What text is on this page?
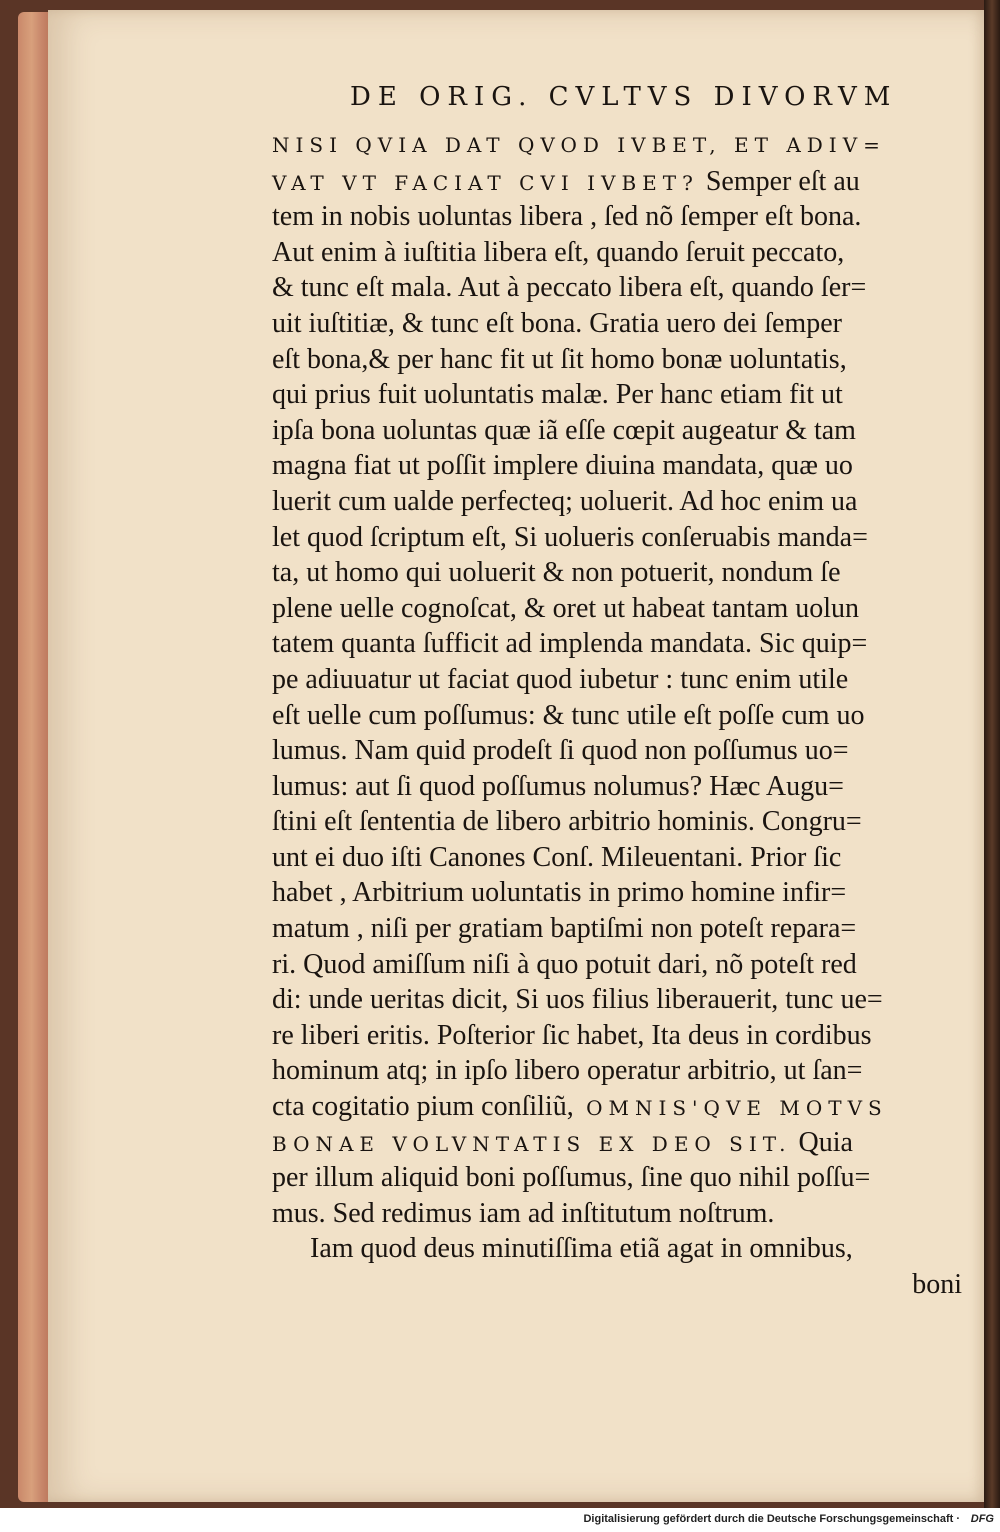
DE ORIG. CVLTVS DIVORVM
NISI QVIA DAT QVOD IVBET, ET ADIV=
VAT VT FACIAT CVI IVBET? Semper eſt au
tem in nobis uoluntas libera , ſed nõ ſemper eſt bona.
Aut enim à iuſtitia libera eſt, quando ſeruit peccato,
& tunc eſt mala. Aut à peccato libera eſt, quando ſer=
uit iuſtitiæ, & tunc eſt bona. Gratia uero dei ſemper
eſt bona,& per hanc fit ut ſit homo bonæ uoluntatis,
qui prius fuit uoluntatis malæ. Per hanc etiam fit ut
ipſa bona uoluntas quæ iã eſſe cœpit augeatur & tam
magna fiat ut poſſit implere diuina mandata, quæ uo
luerit cum ualde perfecteq; uoluerit. Ad hoc enim ua
let quod ſcriptum eſt, Si uolueris conſeruabis manda=
ta, ut homo qui uoluerit & non potuerit, nondum ſe
plene uelle cognoſcat, & oret ut habeat tantam uolun
tatem quanta ſufficit ad implenda mandata. Sic quip=
pe adiuuatur ut faciat quod iubetur : tunc enim utile
eſt uelle cum poſſumus: & tunc utile eſt poſſe cum uo
lumus. Nam quid prodeſt ſi quod non poſſumus uo=
lumus: aut ſi quod poſſumus nolumus? Hæc Augu=
ſtini eſt ſententia de libero arbitrio hominis. Congru=
unt ei duo iſti Canones Conſ. Mileuentani. Prior ſic
habet , Arbitrium uoluntatis in primo homine infir=
matum , niſi per gratiam baptiſmi non poteſt repara=
ri. Quod amiſſum niſi à quo potuit dari, nõ poteſt red
di: unde ueritas dicit, Si uos filius liberauerit, tunc ue=
re liberi eritis. Poſterior ſic habet, Ita deus in cordibus
hominum atq; in ipſo libero operatur arbitrio, ut ſan=
cta cogitatio pium conſiliũ, OMNIS'QVE MOTVS
BONAE VOLVNTATIS EX DEO SIT. Quia
per illum aliquid boni poſſumus, ſine quo nihil poſſu=
mus. Sed redimus iam ad inſtitutum noſtrum.
Iam quod deus minutiſſima etiã agat in omnibus,
boni
Digitalisierung gefördert durch die Deutsche Forschungsgemeinschaft · DFG
